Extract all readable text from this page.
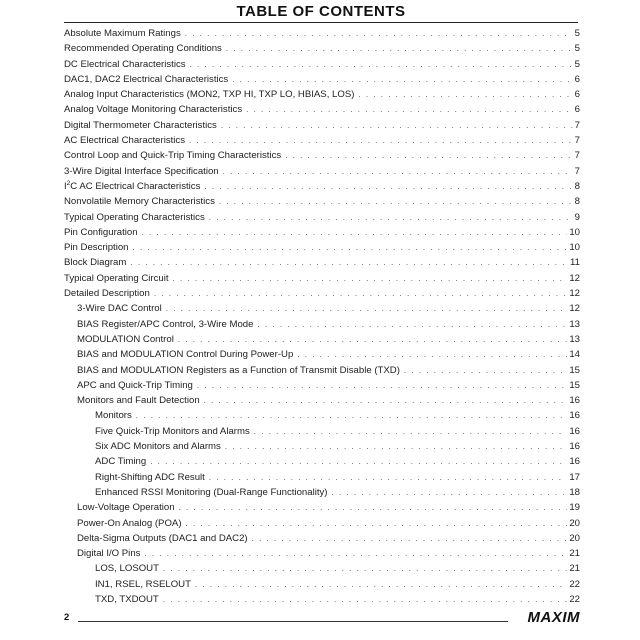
TABLE OF CONTENTS
Absolute Maximum Ratings . . .	5
Recommended Operating Conditions . . .	5
DC Electrical Characteristics . . .	5
DAC1, DAC2 Electrical Characteristics . . .	6
Analog Input Characteristics (MON2, TXP HI, TXP LO, HBIAS, LOS) . . .	6
Analog Voltage Monitoring Characteristics . . .	6
Digital Thermometer Characteristics . . .	7
AC Electrical Characteristics . . .	7
Control Loop and Quick-Trip Timing Characteristics . . .	7
3-Wire Digital Interface Specification . . .	7
$I^2C$ AC Electrical Characteristics . . .	8
Nonvolatile Memory Characteristics . . .	8
Typical Operating Characteristics . . .	9
Pin Configuration . . .	10
Pin Description . . .	10
Block Diagram . . .	11
Typical Operating Circuit . . .	12
Detailed Description . . .	12
3-Wire DAC Control . . .	12
BIAS Register/APC Control, 3-Wire Mode . . .	13
MODULATION Control . . .	13
BIAS and MODULATION Control During Power-Up . . .	14
BIAS and MODULATION Registers as a Function of Transmit Disable (TXD) . . .	15
APC and Quick-Trip Timing . . .	15
Monitors and Fault Detection . . .	16
Monitors . . .	16
Five Quick-Trip Monitors and Alarms . . .	16
Six ADC Monitors and Alarms . . .	16
ADC Timing . . .	16
Right-Shifting ADC Result . . .	17
Enhanced RSSI Monitoring (Dual-Range Functionality) . . .	18
Low-Voltage Operation . . .	19
Power-On Analog (POA) . . .	20
Delta-Sigma Outputs (DAC1 and DAC2) . . .	20
Digital I/O Pins . . .	21
LOS, LOSOUT . . .	21
IN1, RSEL, RSELOUT . . .	22
TXD, TXDOUT . . .	22
2	MAXIM
